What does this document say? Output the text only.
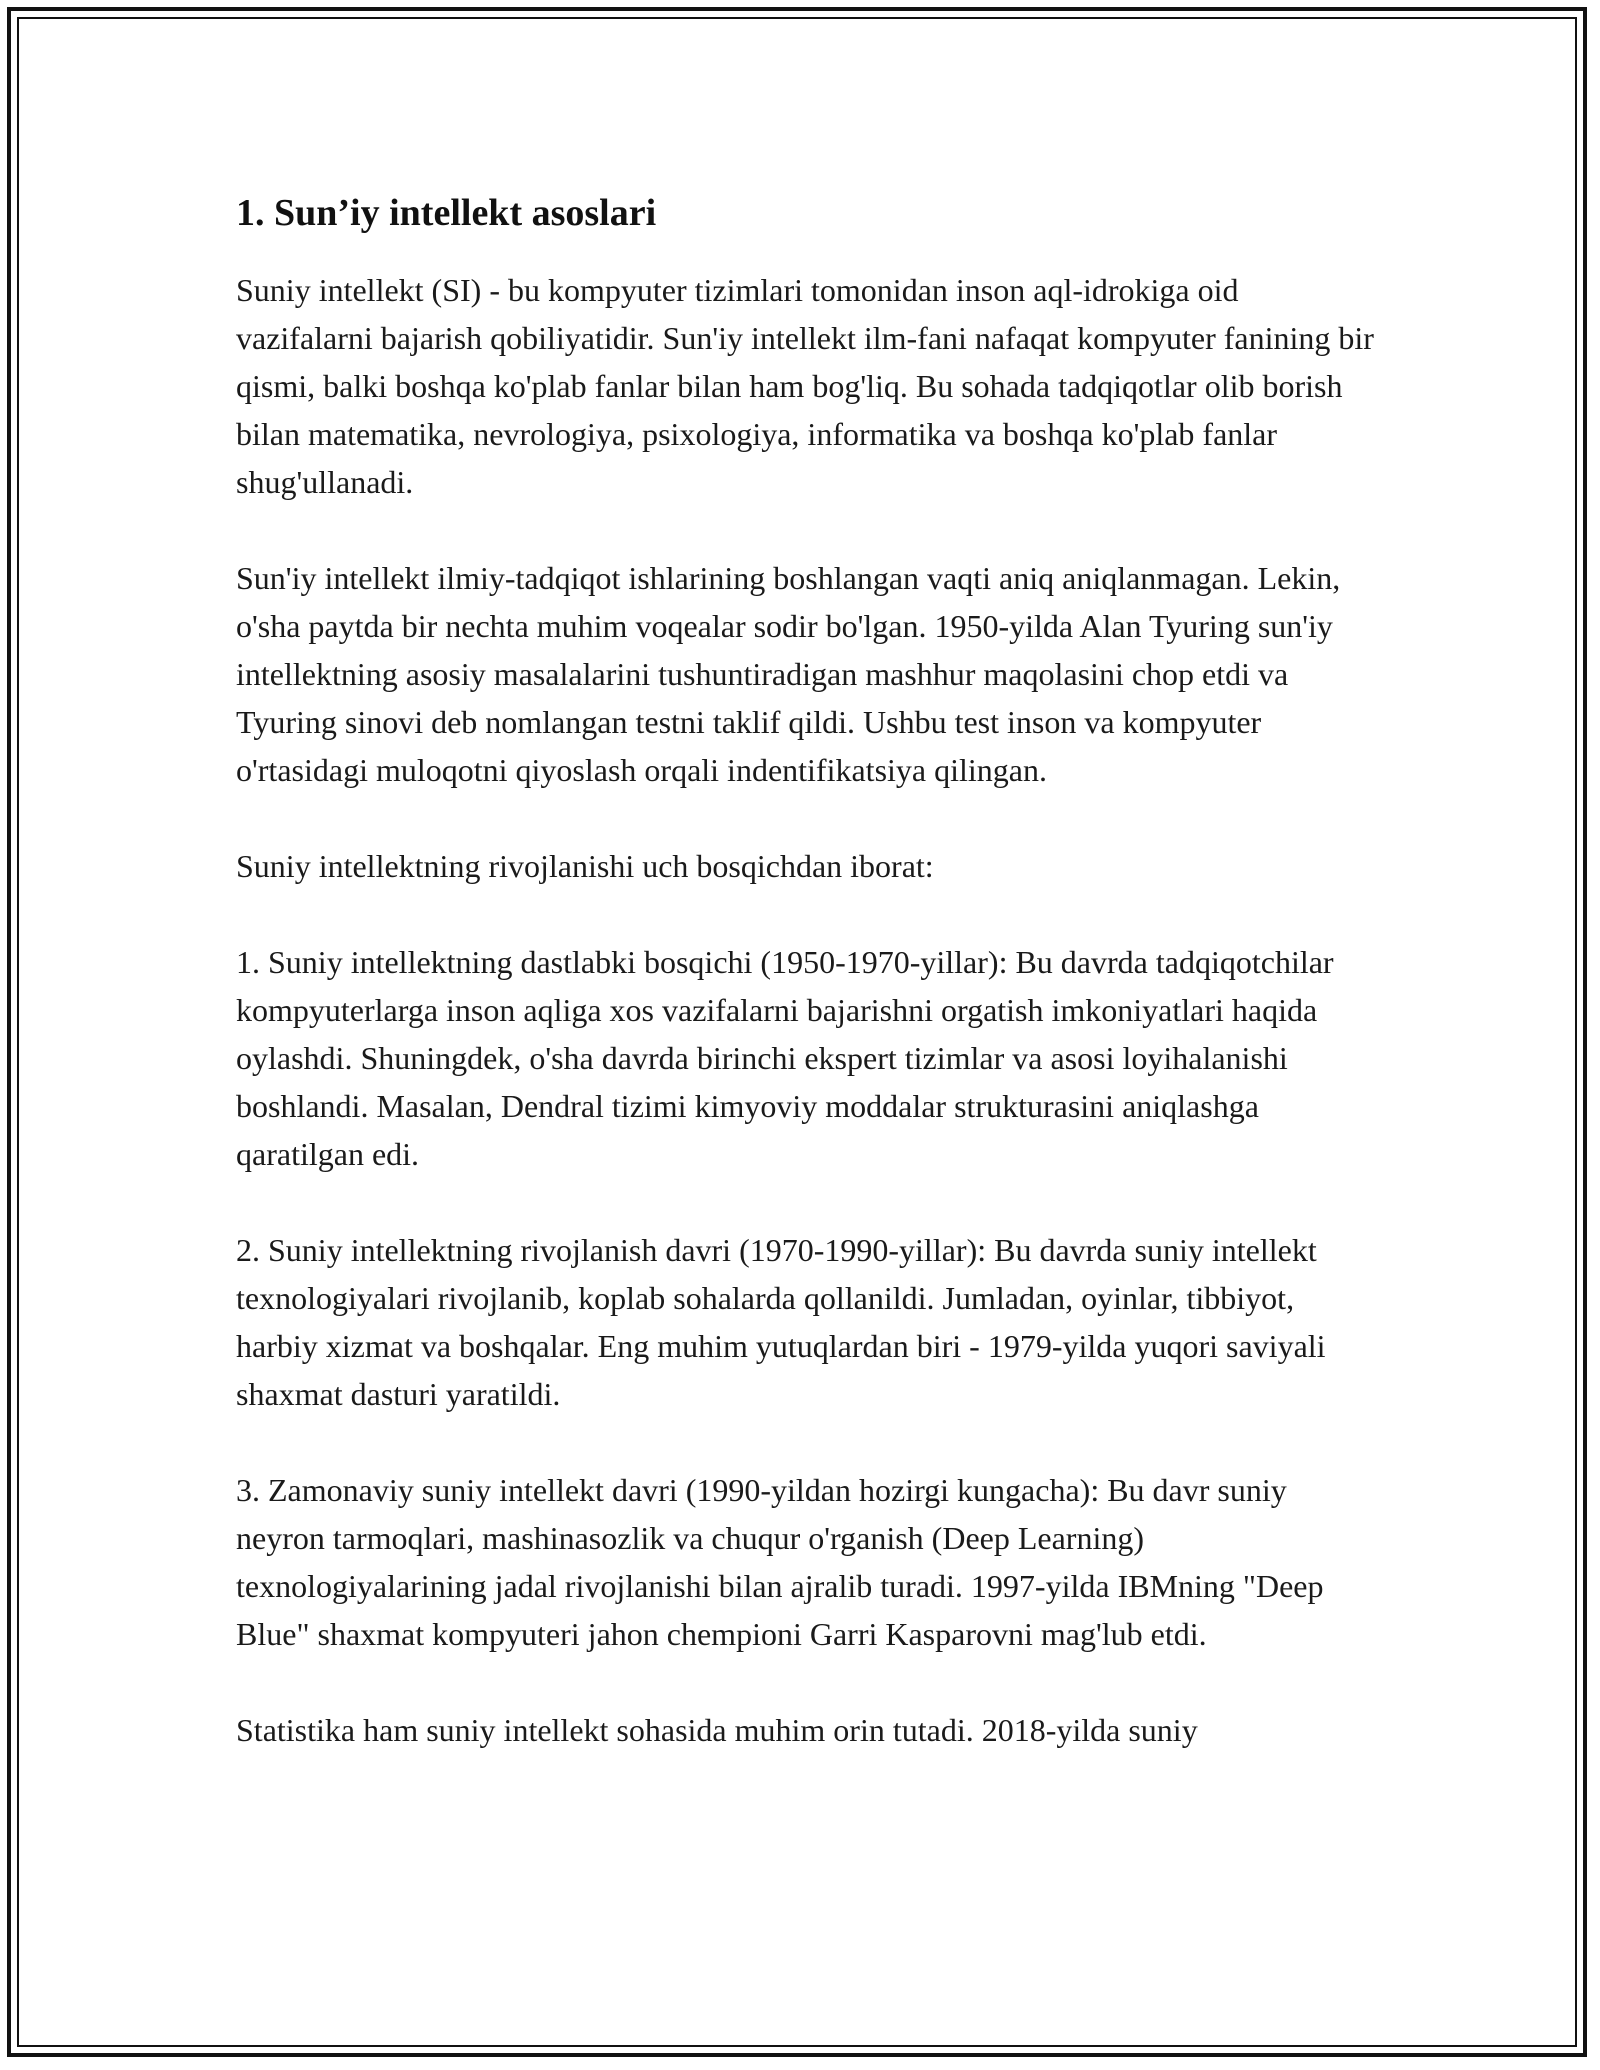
1. Sun’iy intellekt asoslari

Suniy intellekt (SI) - bu kompyuter tizimlari tomonidan inson aql-idrokiga oid vazifalarni bajarish qobiliyatidir. Sun'iy intellekt ilm-fani nafaqat kompyuter fanining bir qismi, balki boshqa ko'plab fanlar bilan ham bog'liq. Bu sohada tadqiqotlar olib borish bilan matematika, nevrologiya, psixologiya, informatika va boshqa ko'plab fanlar shug'ullanadi.

Sun'iy intellekt ilmiy-tadqiqot ishlarining boshlangan vaqti aniq aniqlanmagan. Lekin, o'sha paytda bir nechta muhim voqealar sodir bo'lgan. 1950-yilda Alan Tyuring sun'iy intellektning asosiy masalalarini tushuntiradigan mashhur maqolasini chop etdi va Tyuring sinovi deb nomlangan testni taklif qildi. Ushbu test inson va kompyuter o'rtasidagi muloqotni qiyoslash orqali indentifikatsiya qilingan.

Suniy intellektning rivojlanishi uch bosqichdan iborat:

1. Suniy intellektning dastlabki bosqichi (1950-1970-yillar): Bu davrda tadqiqotchilar kompyuterlarga inson aqliga xos vazifalarni bajarishni orgatish imkoniyatlari haqida oylashdi. Shuningdek, o'sha davrda birinchi ekspert tizimlar va asosi loyihalanishi boshlandi. Masalan, Dendral tizimi kimyoviy moddalar strukturasini aniqlashga qaratilgan edi.

2. Suniy intellektning rivojlanish davri (1970-1990-yillar): Bu davrda suniy intellekt texnologiyalari rivojlanib, koplab sohalarda qollanildi. Jumladan, oyinlar, tibbiyot, harbiy xizmat va boshqalar. Eng muhim yutuqlardan biri - 1979-yilda yuqori saviyali shaxmat dasturi yaratildi.

3. Zamonaviy suniy intellekt davri (1990-yildan hozirgi kungacha): Bu davr suniy neyron tarmoqlari, mashinasozlik va chuqur o'rganish (Deep Learning) texnologiyalarining jadal rivojlanishi bilan ajralib turadi. 1997-yilda IBMning "Deep Blue" shaxmat kompyuteri jahon chempioni Garri Kasparovni mag'lub etdi.

Statistika ham suniy intellekt sohasida muhim orin tutadi. 2018-yilda suniy
